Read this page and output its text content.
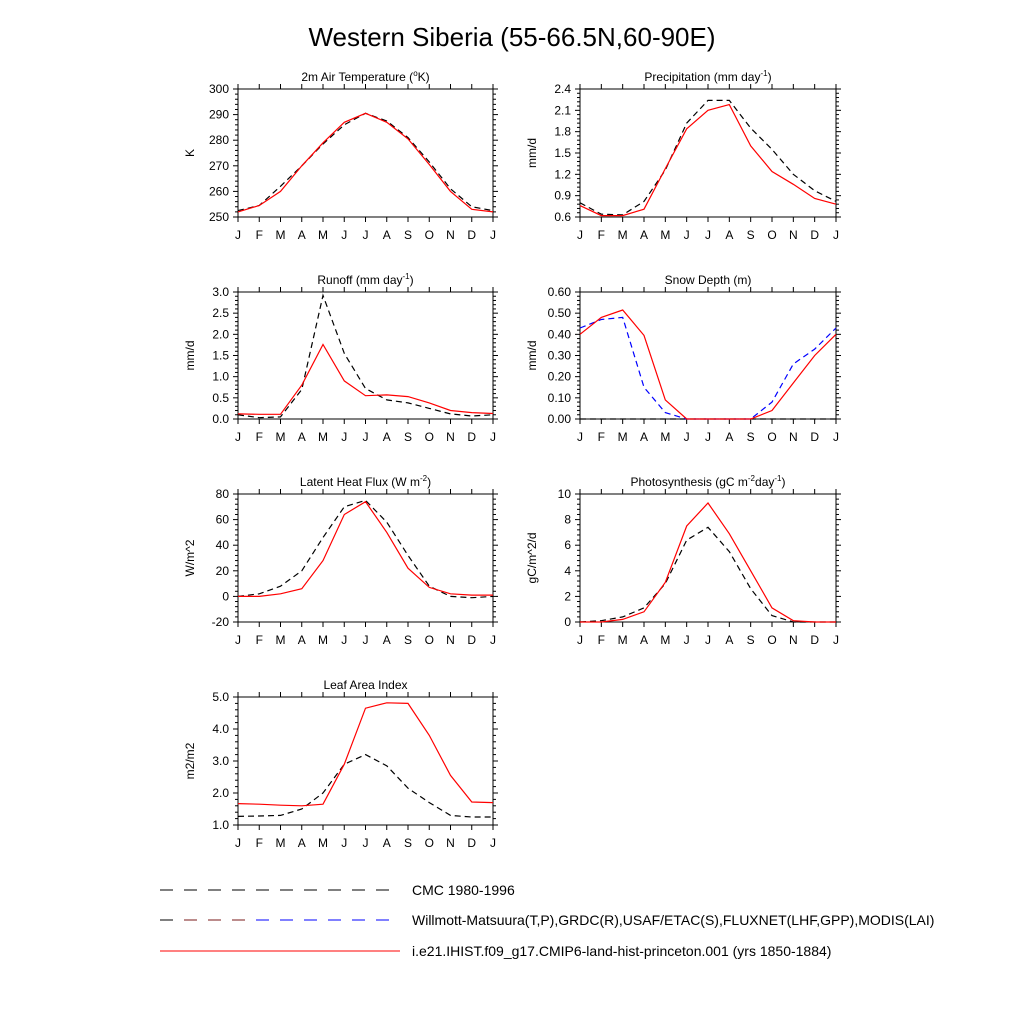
Western Siberia (55-66.5N,60-90E)
2m Air Temperature ($^o$K)
250
260
270
280
290
300
J F M A M J J A S O N D J
K
Precipitation (mm day$^{-1}$)
0.6
0.9
1.2
1.5
1.8
2.1
2.4
J F M A M J J A S O N D J
mm/d
Runoff (mm day$^{-1}$)
0.0
0.5
1.0
1.5
2.0
2.5
3.0
J F M A M J J A S O N D J
mm/d
Snow Depth (m)
0.00
0.10
0.20
0.30
0.40
0.50
0.60
J F M A M J J A S O N D J
mm/d
Latent Heat Flux (W $m^{-2}$)
-20
0
20
40
60
80
J F M A M J J A S O N D J
W/m^2
Photosynthesis (gC $m^{-2}day^{-1}$)
0
2
4
6
8
10
J F M A M J J A S O N D J
gC/m^2/d
Leaf Area Index
1.0
2.0
3.0
4.0
5.0
J F M A M J J A S O N D J
m2/m2
CMC 1980-1996
Willmott-Matsuura(T,P),GRDC(R),USAF/ETAC(S),FLUXNET(LHF,GPP),MODIS(LAI)
i.e21.IHIST.f09_g17.CMIP6-land-hist-princeton.001 (yrs 1850-1884)
